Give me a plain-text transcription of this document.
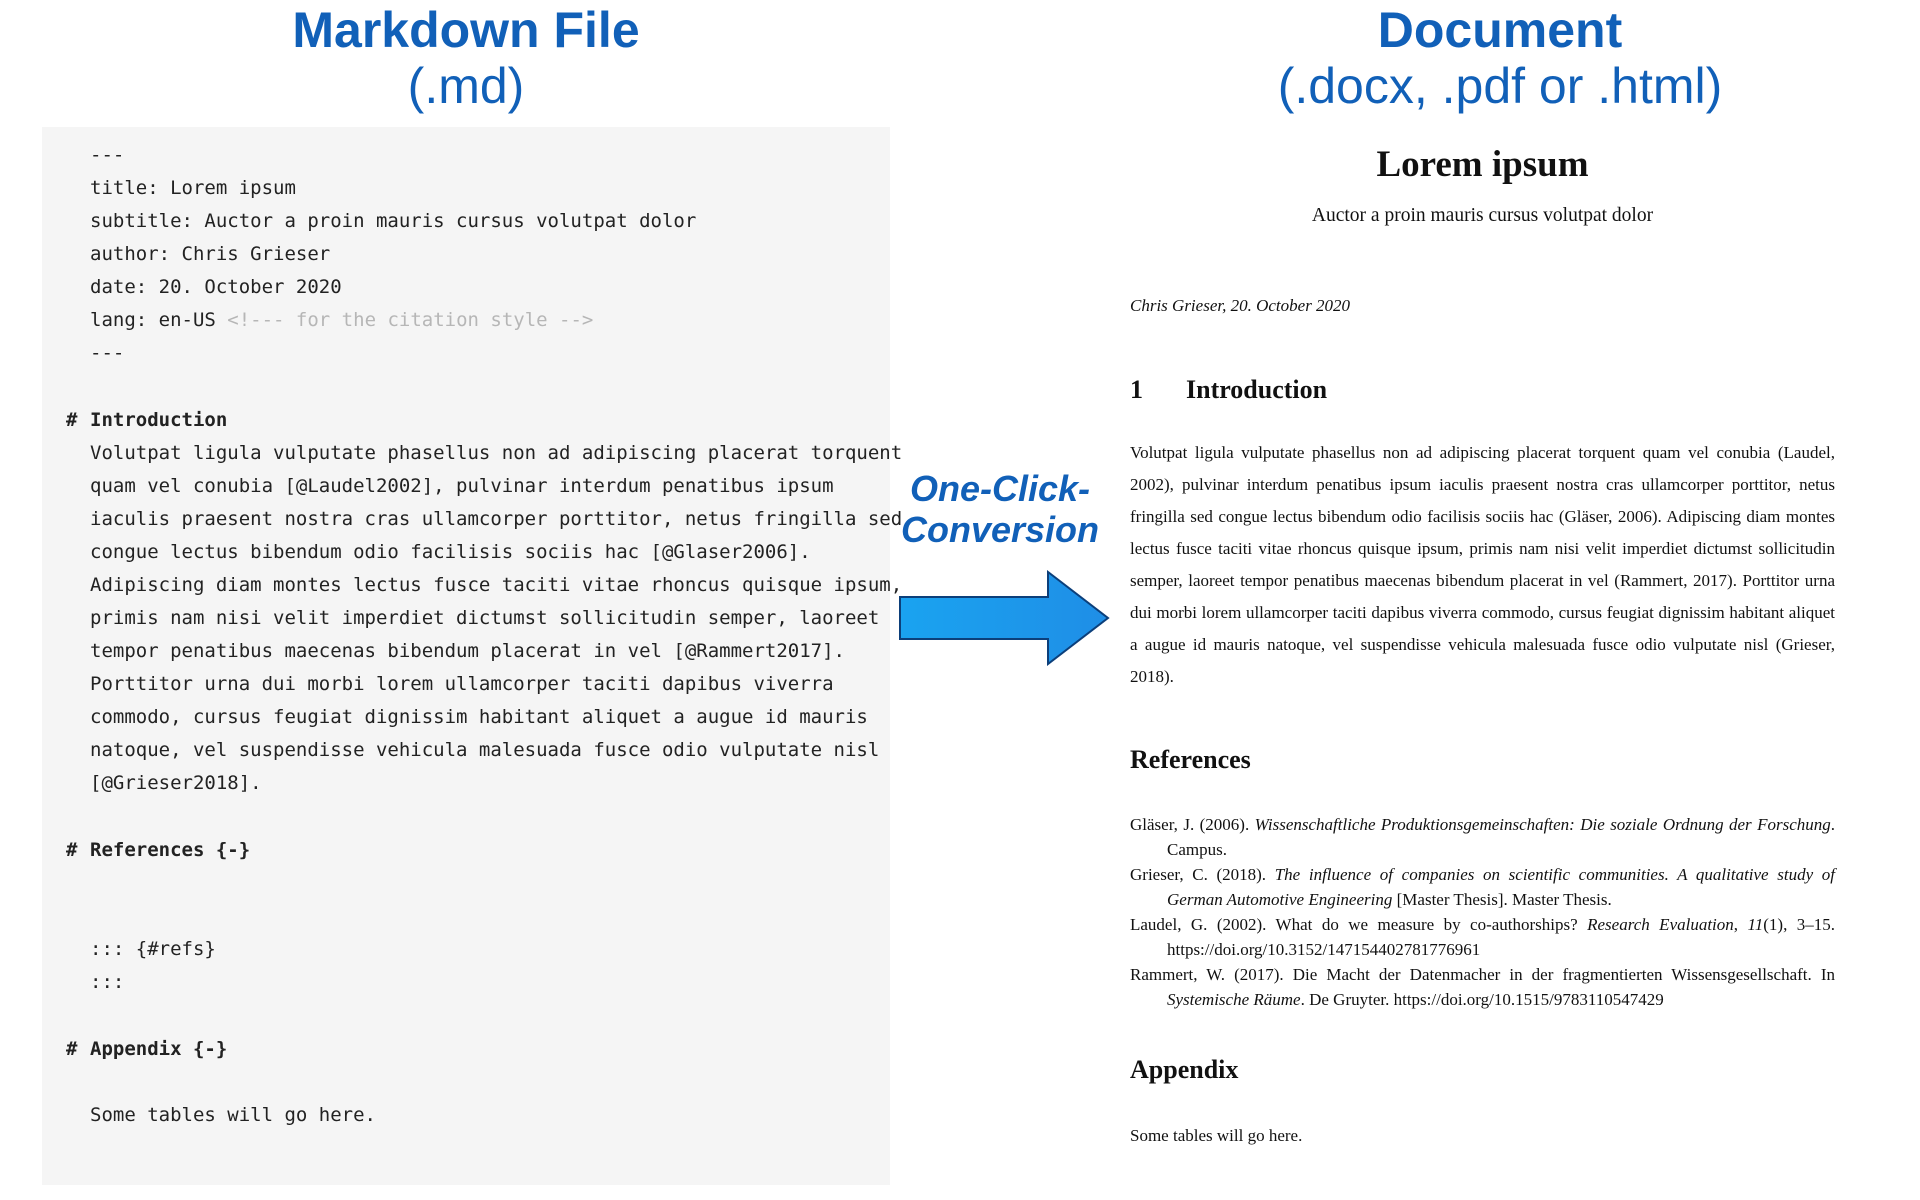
Markdown File
(.md)
Document
(.docx, .pdf or .html)
---
title: Lorem ipsum
subtitle: Auctor a proin mauris cursus volutpat dolor
author: Chris Grieser
date: 20. October 2020
lang: en-US <!--- for the citation style -->
---
# Introduction
Volutpat ligula vulputate phasellus non ad adipiscing placerat torquent
quam vel conubia [@Laudel2002], pulvinar interdum penatibus ipsum
iaculis praesent nostra cras ullamcorper porttitor, netus fringilla sed
congue lectus bibendum odio facilisis sociis hac [@Glaser2006].
Adipiscing diam montes lectus fusce taciti vitae rhoncus quisque ipsum,
primis nam nisi velit imperdiet dictumst sollicitudin semper, laoreet
tempor penatibus maecenas bibendum placerat in vel [@Rammert2017].
Porttitor urna dui morbi lorem ullamcorper taciti dapibus viverra
commodo, cursus feugiat dignissim habitant aliquet a augue id mauris
natoque, vel suspendisse vehicula malesuada fusce odio vulputate nisl
[@Grieser2018].
# References {-}
::: {#refs}
:::
# Appendix {-}
Some tables will go here.
One-Click-
Conversion
Lorem ipsum
Auctor a proin mauris cursus volutpat dolor
Chris Grieser, 20. October 2020
1 Introduction
Volutpat ligula vulputate phasellus non ad adipiscing placerat torquent quam vel conubia (Laudel, 2002), pulvinar interdum penatibus ipsum iaculis praesent nostra cras ullamcorper porttitor, netus fringilla sed congue lectus bibendum odio facilisis sociis hac (Gläser, 2006). Adipiscing diam montes lectus fusce taciti vitae rhoncus quisque ipsum, primis nam nisi velit imperdiet dictumst sollicitudin semper, laoreet tempor penatibus maecenas bibendum placerat in vel (Rammert, 2017). Porttitor urna dui morbi lorem ullamcorper taciti dapibus viverra commodo, cursus feugiat dignissim habitant aliquet a augue id mauris natoque, vel suspendisse vehicula malesuada fusce odio vulputate nisl (Grieser, 2018).
References

Gläser, J. (2006). Wissenschaftliche Produktionsgemeinschaften: Die soziale Ordnung der Forschung. Campus.

Grieser, C. (2018). The influence of companies on scientific communities. A qualitative study of German Automotive Engineering [Master Thesis]. Master Thesis.

Laudel, G. (2002). What do we measure by co-authorships? Research Evaluation, 11(1), 3–15. https://doi.org/10.3152/147154402781776961

Rammert, W. (2017). Die Macht der Datenmacher in der fragmentierten Wissensgesellschaft. In Systemische Räume. De Gruyter. https://doi.org/10.1515/9783110547429

Appendix
Some tables will go here.
